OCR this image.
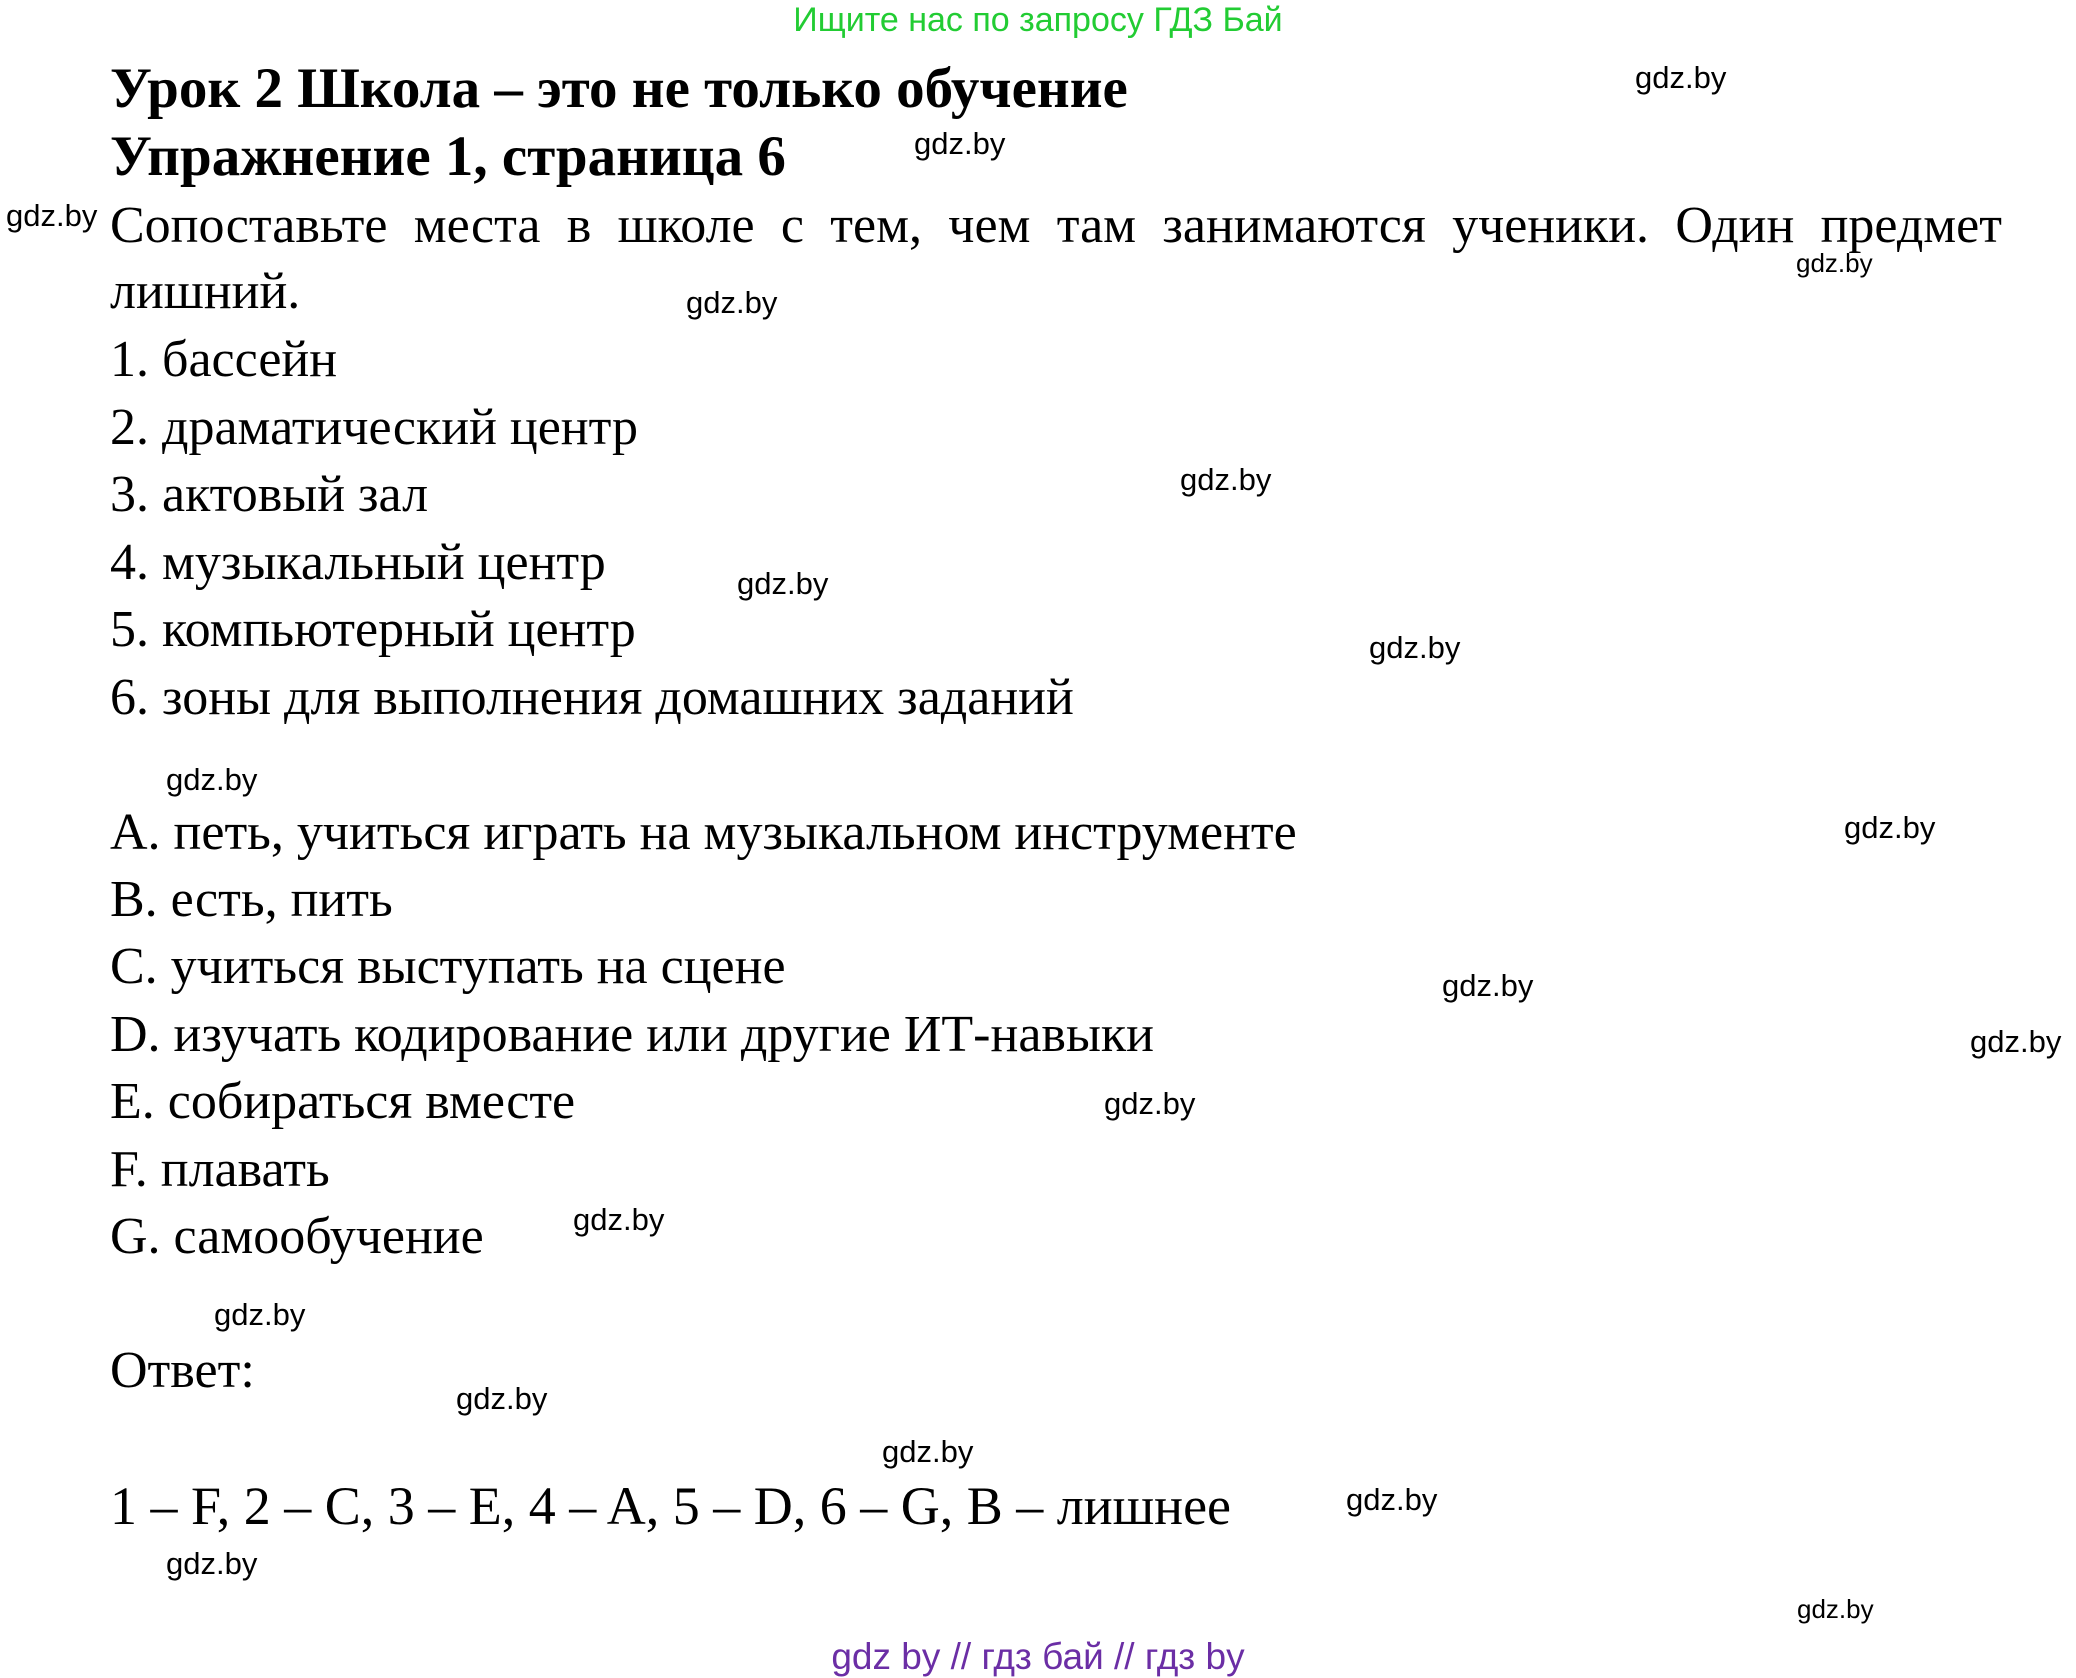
Ищите нас по запросу ГДЗ Бай
Урок 2 Школа – это не только обучение
Упражнение 1, страница 6
Сопоставьте места в школе с тем, чем там занимаются ученики. Один предмет лишний.
1. бассейн
2. драматический центр
3. актовый зал
4. музыкальный центр
5. компьютерный центр
6. зоны для выполнения домашних заданий
A. петь, учиться играть на музыкальном инструменте
B. есть, пить
C. учиться выступать на сцене
D. изучать кодирование или другие ИТ-навыки
E. собираться вместе
F. плавать
G. самообучение
Ответ:
1 – F, 2 – C, 3 – E, 4 – A, 5 – D, 6 – G, B – лишнее
gdz.by
gdz.by
gdz.by
gdz.by
gdz.by
gdz.by
gdz.by
gdz.by
gdz.by
gdz.by
gdz.by
gdz.by
gdz.by
gdz.by
gdz.by
gdz.by
gdz.by
gdz.by
gdz.by
gdz.by
gdz by // гдз бай // гдз by
